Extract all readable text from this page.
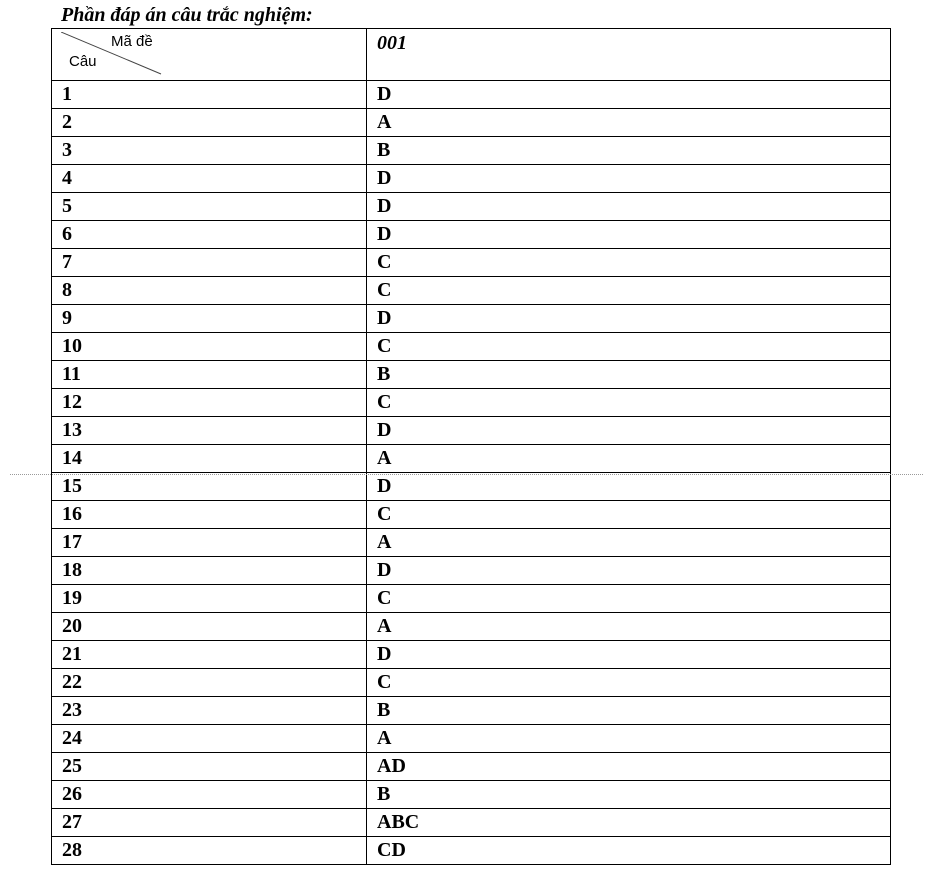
Phần đáp án câu trắc nghiệm:
Mã đề
Câu	001
1	D
2	A
3	B
4	D
5	D
6	D
7	C
8	C
9	D
10	C
11	B
12	C
13	D
14	A
15	D
16	C
17	A
18	D
19	C
20	A
21	D
22	C
23	B
24	A
25	AD
26	B
27	ABC
28	CD
